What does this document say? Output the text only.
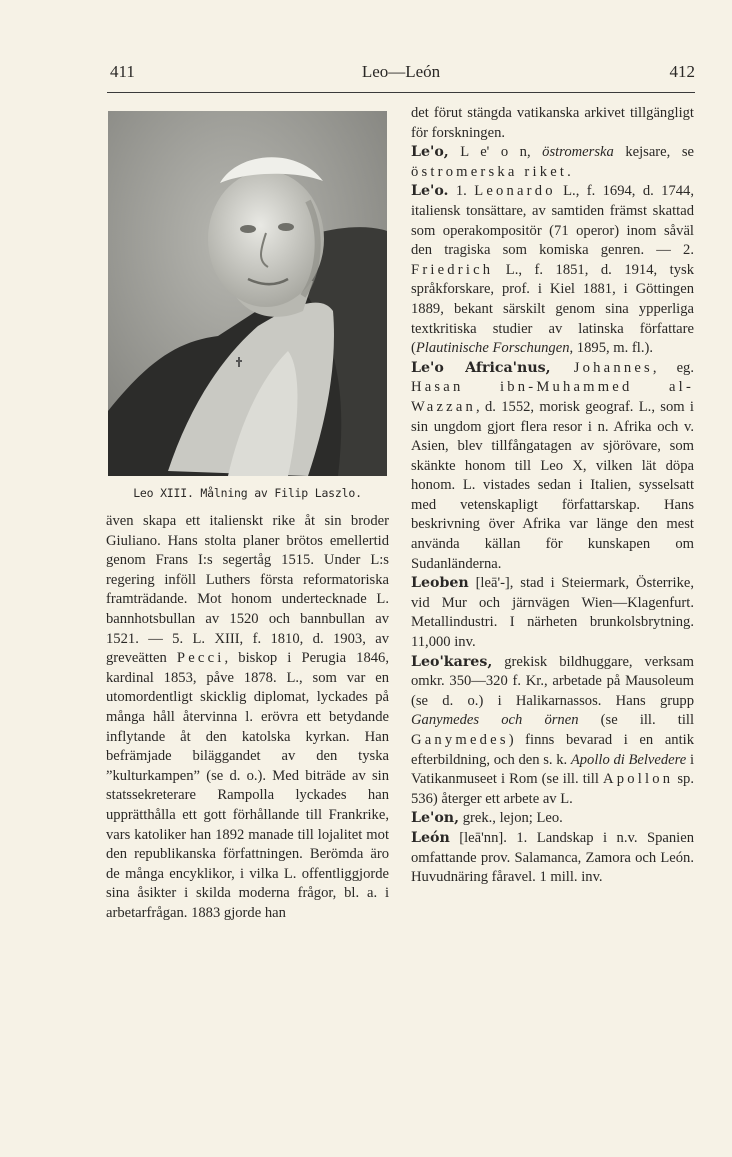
411	Leo—León	412
Leo XIII. Målning av Filip Laszlo.

även skapa ett italienskt rike åt sin broder Giuliano. Hans stolta planer brötos emellertid genom Frans I:s segertåg 1515. Under L:s regering inföll Luthers första reformatoriska framträdande. Mot honom undertecknade L. bannhotsbullan av 1520 och bannbullan av 1521. — 5. L. XIII, f. 1810, d. 1903, av greveätten Pecci, biskop i Perugia 1846, kardinal 1853, påve 1878. L., som var en utomordentligt skicklig diplomat, lyckades på många håll återvinna l. erövra ett betydande inflytande åt den katolska kyrkan. Han befrämjade biläggandet av den tyska ”kulturkampen” (se d. o.). Med biträde av sin statssekreterare Rampolla lyckades han upprätthålla ett gott förhållande till Frankrike, vars katoliker han 1892 manade till lojalitet mot den republikanska författningen. Berömda äro de många encyklikor, i vilka L. offentliggjorde sina åsikter i skilda moderna frågor, bl. a. i arbetarfrågan. 1883 gjorde han

det förut stängda vatikanska arkivet tillgängligt för forskningen.

Le'o, L e' o n, östromerska kejsare, se östromerska riket.

Le'o. 1. Leonardo L., f. 1694, d. 1744, italiensk tonsättare, av samtiden främst skattad som operakompositör (71 operor) inom såväl den tragiska som komiska genren. — 2. Friedrich L., f. 1851, d. 1914, tysk språkforskare, prof. i Kiel 1881, i Göttingen 1889, bekant särskilt genom sina ypperliga textkritiska studier av latinska författare (Plautinische Forschungen, 1895, m. fl.).

Le'o Africa'nus, Johannes, eg. Hasan ibn-Muhammed al-Wazzan, d. 1552, morisk geograf. L., som i sin ungdom gjort flera resor i n. Afrika och v. Asien, blev tillfångatagen av sjörövare, som skänkte honom till Leo X, vilken lät döpa honom. L. vistades sedan i Italien, sysselsatt med vetenskapligt författarskap. Hans beskrivning över Afrika var länge den mest använda källan för kunskapen om Sudanländerna.

Leoben [leā'-], stad i Steiermark, Österrike, vid Mur och järnvägen Wien—Klagenfurt. Metallindustri. I närheten brunkolsbrytning. 11,000 inv.

Leo'kares, grekisk bildhuggare, verksam omkr. 350—320 f. Kr., arbetade på Mausoleum (se d. o.) i Halikarnassos. Hans grupp Ganymedes och örnen (se ill. till Ganymedes) finns bevarad i en antik efterbildning, och den s. k. Apollo di Belvedere i Vatikanmuseet i Rom (se ill. till Apollon sp. 536) återger ett arbete av L.

Le'on, grek., lejon; Leo.

León [leā'nn]. 1. Landskap i n.v. Spanien omfattande prov. Salamanca, Zamora och León. Huvudnäring fåravel. 1 mill. inv.
